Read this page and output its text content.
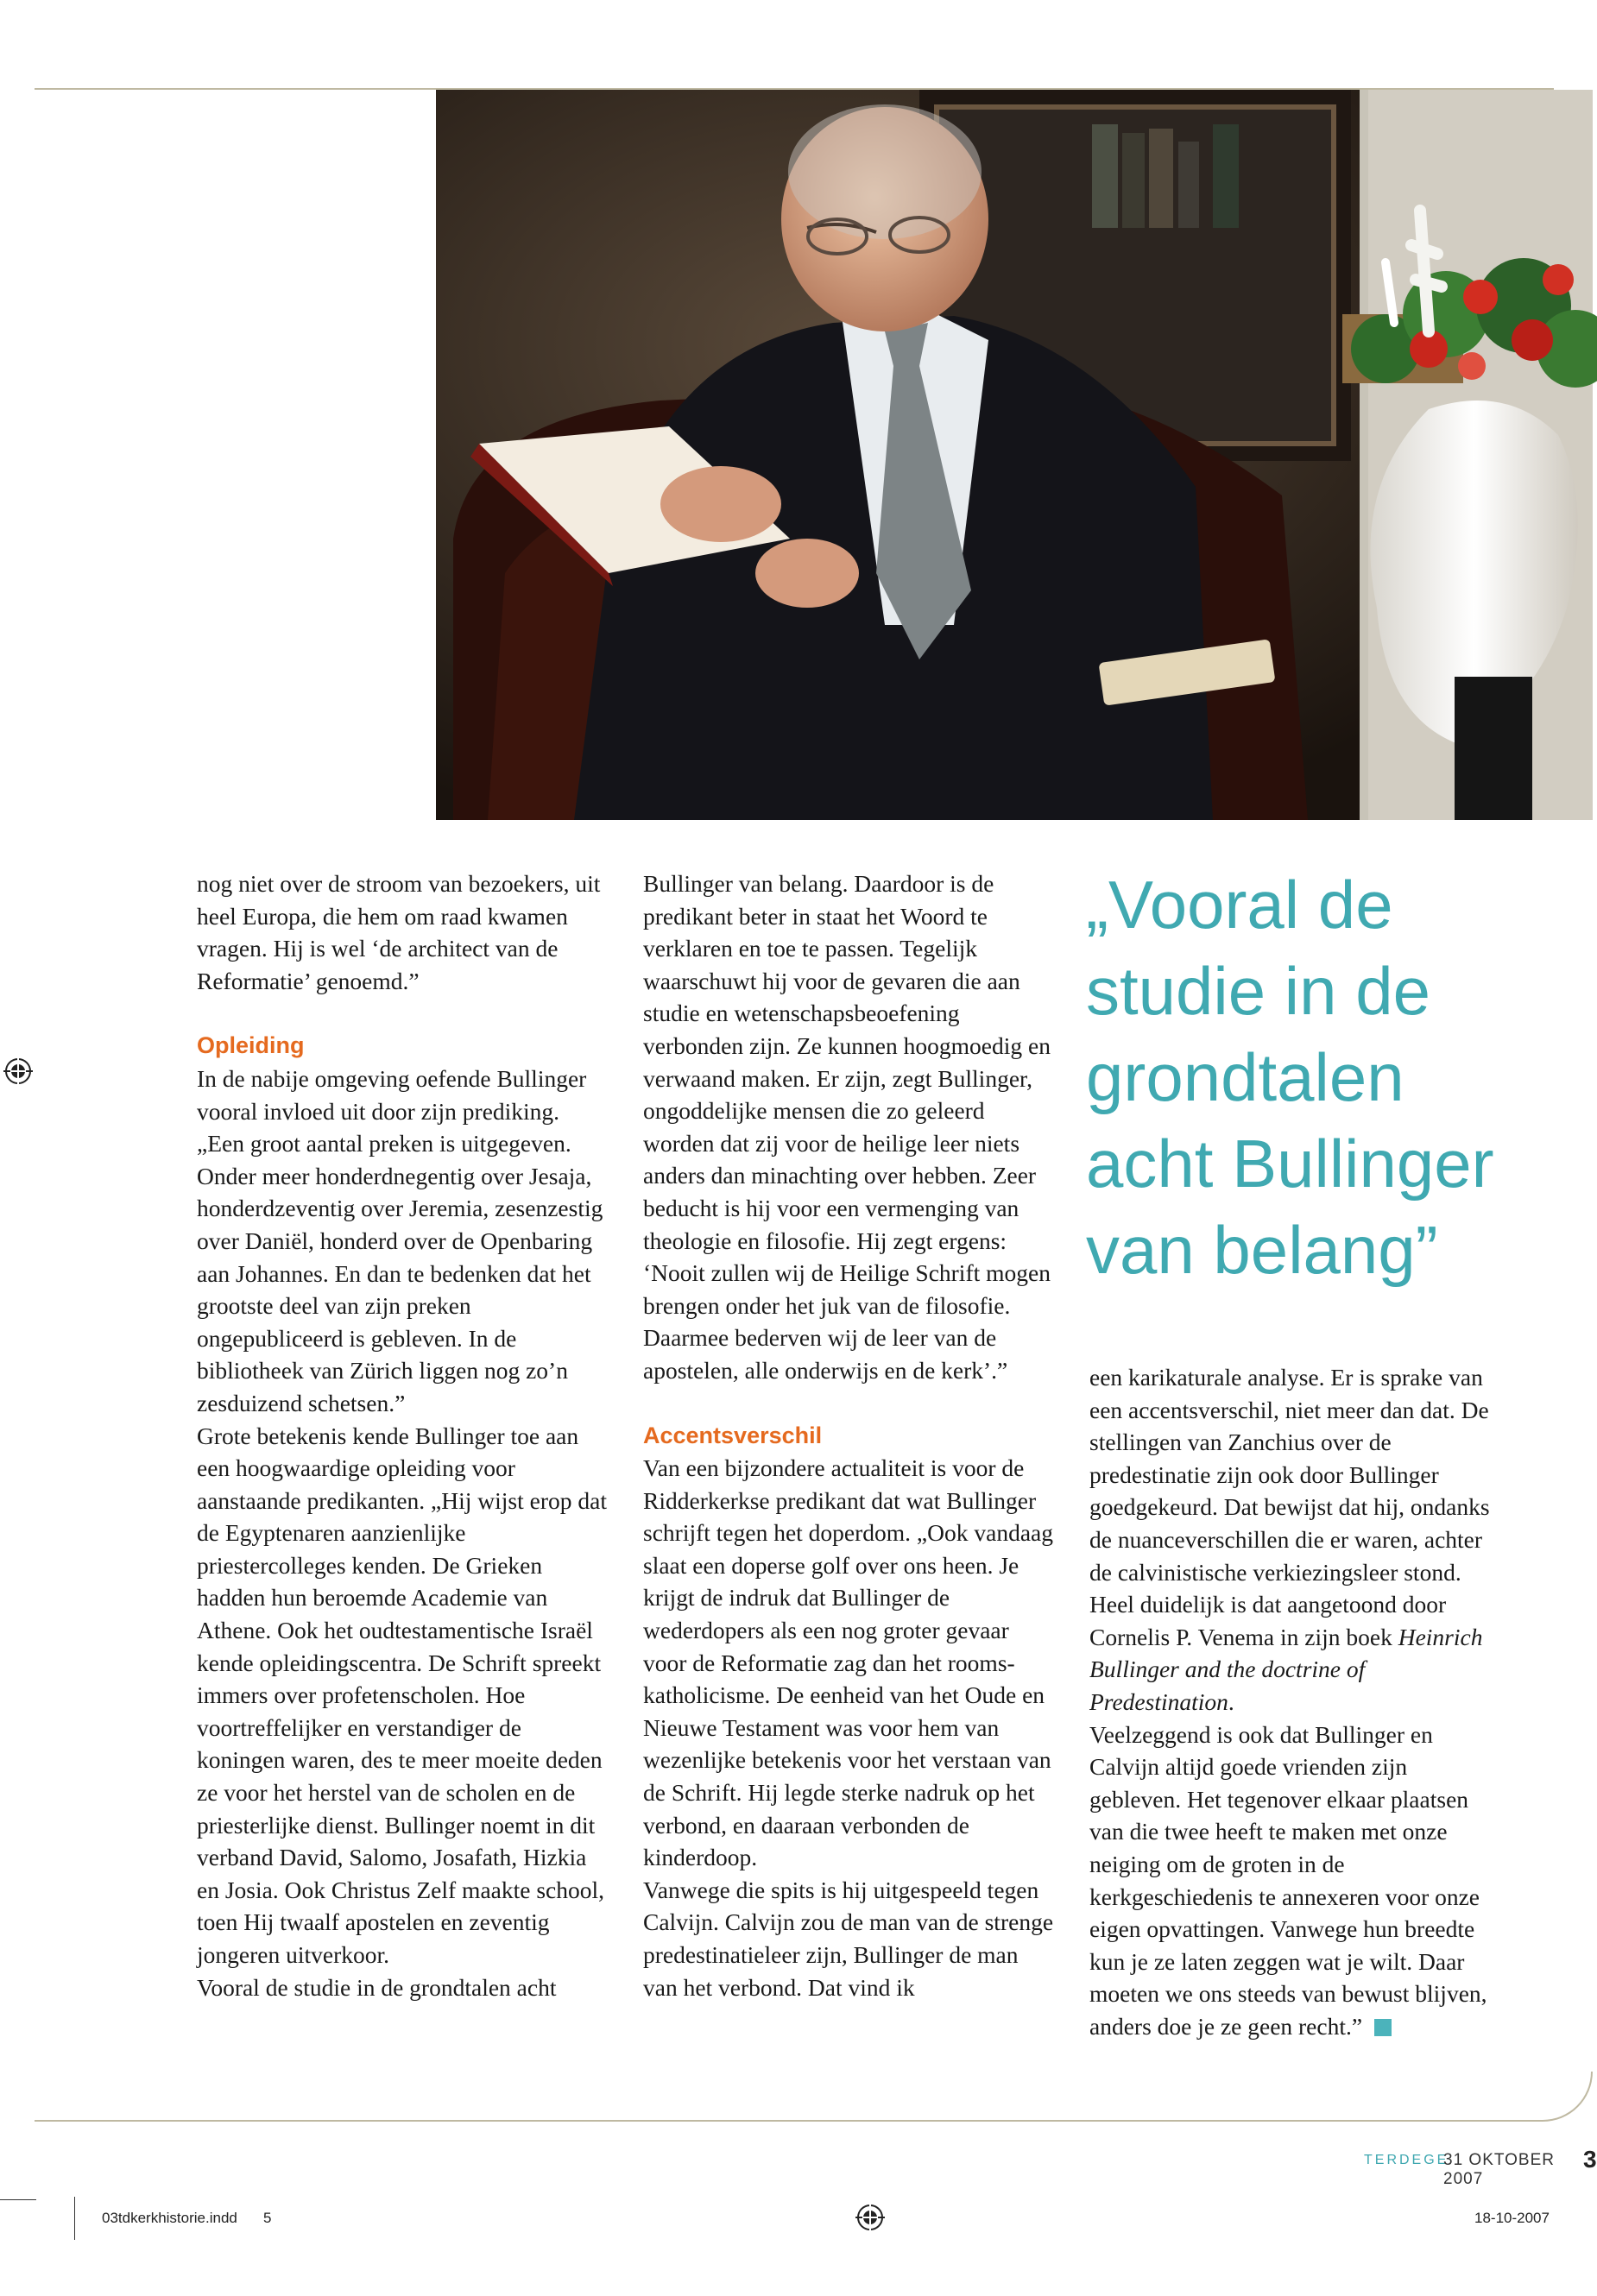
nog niet over de stroom van bezoekers, uit heel Europa, die hem om raad kwamen vragen. Hij is wel ‘de architect van de Reformatie’ genoemd.”

Opleiding

In de nabije omgeving oefende Bullinger vooral invloed uit door zijn prediking. „Een groot aantal preken is uitgegeven. Onder meer honderdnegentig over Jesaja, honderdzeventig over Jeremia, zesenzestig over Daniël, honderd over de Openbaring aan Johannes. En dan te bedenken dat het grootste deel van zijn preken ongepubliceerd is gebleven. In de bibliotheek van Zürich liggen nog zo’n zesduizend schetsen.”

Grote betekenis kende Bullinger toe aan een hoogwaardige opleiding voor aanstaande predikanten. „Hij wijst erop dat de Egyptenaren aanzienlijke priestercolleges kenden. De Grieken hadden hun beroemde Academie van Athene. Ook het oudtestamentische Israël kende opleidingscentra. De Schrift spreekt immers over profetenscholen. Hoe voortreffelijker en verstandiger de koningen waren, des te meer moeite deden ze voor het herstel van de scholen en de priesterlijke dienst. Bullinger noemt in dit verband David, Salomo, Josafath, Hizkia en Josia. Ook Christus Zelf maakte school, toen Hij twaalf apostelen en zeventig jongeren uitverkoor.

Vooral de studie in de grondtalen acht

Bullinger van belang. Daardoor is de predikant beter in staat het Woord te verklaren en toe te passen. Tegelijk waarschuwt hij voor de gevaren die aan studie en wetenschapsbeoefening verbonden zijn. Ze kunnen hoogmoedig en verwaand maken. Er zijn, zegt Bullinger, ongoddelijke mensen die zo geleerd worden dat zij voor de heilige leer niets anders dan minachting over hebben. Zeer beducht is hij voor een vermenging van theologie en filosofie. Hij zegt ergens: ‘Nooit zullen wij de Heilige Schrift mogen brengen onder het juk van de filosofie. Daarmee bederven wij de leer van de apostelen, alle onderwijs en de kerk’.”

Accentsverschil

Van een bijzondere actualiteit is voor de Ridderkerkse predikant dat wat Bullinger schrijft tegen het doperdom. „Ook vandaag slaat een doperse golf over ons heen. Je krijgt de indruk dat Bullinger de wederdopers als een nog groter gevaar voor de Reformatie zag dan het rooms-katholicisme. De eenheid van het Oude en Nieuwe Testament was voor hem van wezenlijke betekenis voor het verstaan van de Schrift. Hij legde sterke nadruk op het verbond, en daaraan verbonden de kinderdoop.

Vanwege die spits is hij uitgespeeld tegen Calvijn. Calvijn zou de man van de strenge predestinatieleer zijn, Bullinger de man van het verbond. Dat vind ik

„Vooral de
studie in de
grondtalen
acht Bullinger
van belang”

een karikaturale analyse. Er is sprake van een accentsverschil, niet meer dan dat. De stellingen van Zanchius over de predestinatie zijn ook door Bullinger goedgekeurd. Dat bewijst dat hij, ondanks de nuanceverschillen die er waren, achter de calvinistische verkiezingsleer stond. Heel duidelijk is dat aangetoond door Cornelis P. Venema in zijn boek Heinrich Bullinger and the doctrine of Predestination.

Veelzeggend is ook dat Bullinger en Calvijn altijd goede vrienden zijn gebleven. Het tegenover elkaar plaatsen van die twee heeft te maken met onze neiging om de groten in de kerkgeschiedenis te annexeren voor onze eigen opvattingen. Vanwege hun breedte kun je ze laten zeggen wat je wilt. Daar moeten we ons steeds van bewust blijven, anders doe je ze geen recht.”

TERDEGE
31 OKTOBER 2007
3
03tdkerkhistorie.indd 5	18-10-2007
